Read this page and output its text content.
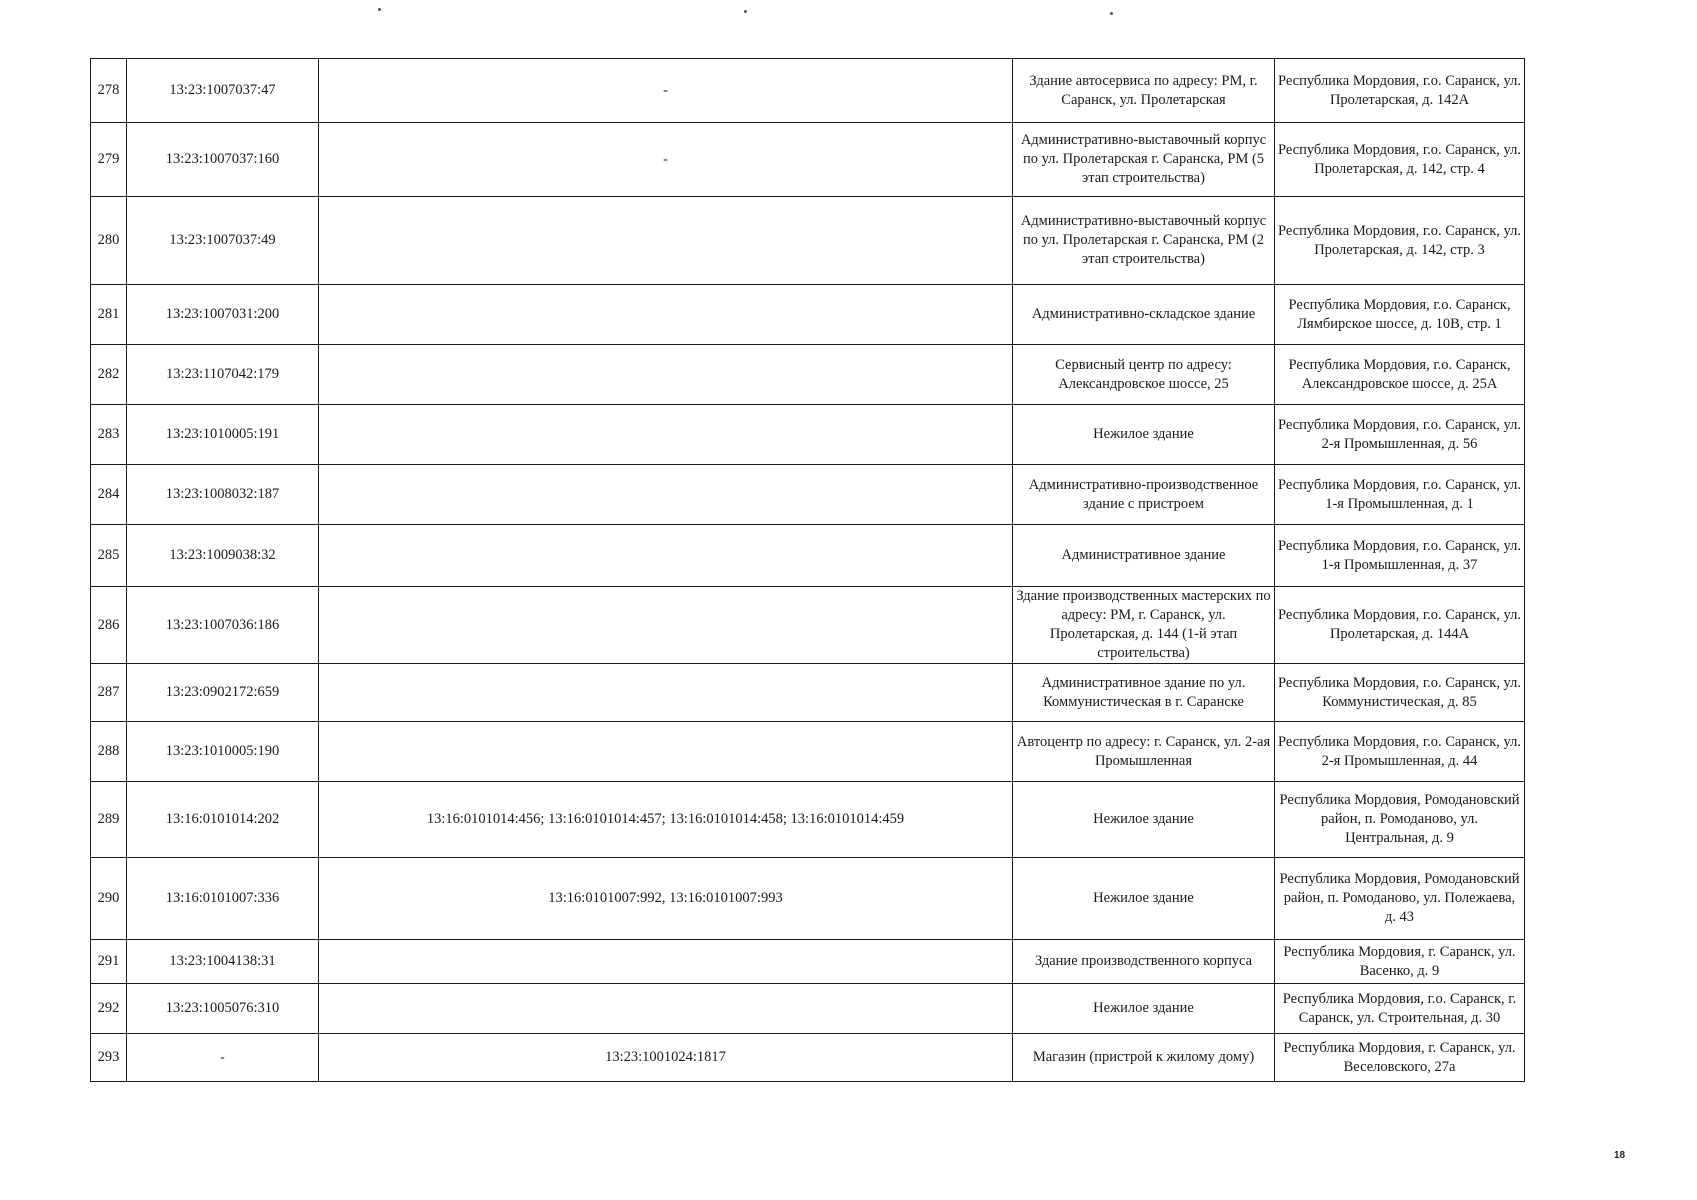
278	13:23:1007037:47	-	Здание автосервиса по адресу: РМ, г. Саранск, ул. Пролетарская	Республика Мордовия, г.о. Саранск, ул. Пролетарская, д. 142А
279	13:23:1007037:160	-	Административно-выставочный корпус по ул. Пролетарская г. Саранска, РМ (5 этап строительства)	Республика Мордовия, г.о. Саранск, ул. Пролетарская, д. 142, стр. 4
280	13:23:1007037:49		Административно-выставочный корпус по ул. Пролетарская г. Саранска, РМ (2 этап строительства)	Республика Мордовия, г.о. Саранск, ул. Пролетарская, д. 142, стр. 3
281	13:23:1007031:200		Административно-складское здание	Республика Мордовия, г.о. Саранск, Лямбирское шоссе, д. 10В, стр. 1
282	13:23:1107042:179		Сервисный центр по адресу: Александровское шоссе, 25	Республика Мордовия, г.о. Саранск, Александровское шоссе, д. 25А
283	13:23:1010005:191		Нежилое здание	Республика Мордовия, г.о. Саранск, ул. 2-я Промышленная, д. 56
284	13:23:1008032:187		Административно-производственное здание с пристроем	Республика Мордовия, г.о. Саранск, ул. 1-я Промышленная, д. 1
285	13:23:1009038:32		Административное здание	Республика Мордовия, г.о. Саранск, ул. 1-я Промышленная, д. 37
286	13:23:1007036:186		Здание производственных мастерских по адресу: РМ, г. Саранск, ул. Пролетарская, д. 144 (1-й этап строительства)	Республика Мордовия, г.о. Саранск, ул. Пролетарская, д. 144А
287	13:23:0902172:659		Административное здание по ул. Коммунистическая в г. Саранске	Республика Мордовия, г.о. Саранск, ул. Коммунистическая, д. 85
288	13:23:1010005:190		Автоцентр по адресу: г. Саранск, ул. 2-ая Промышленная	Республика Мордовия, г.о. Саранск, ул. 2-я Промышленная, д. 44
289	13:16:0101014:202	13:16:0101014:456; 13:16:0101014:457; 13:16:0101014:458; 13:16:0101014:459	Нежилое здание	Республика Мордовия, Ромодановский район, п. Ромоданово, ул. Центральная, д. 9
290	13:16:0101007:336	13:16:0101007:992, 13:16:0101007:993	Нежилое здание	Республика Мордовия, Ромодановский район, п. Ромоданово, ул. Полежаева, д. 43
291	13:23:1004138:31		Здание производственного корпуса	Республика Мордовия, г. Саранск, ул. Васенко, д. 9
292	13:23:1005076:310		Нежилое здание	Республика Мордовия, г.о. Саранск, г. Саранск, ул. Строительная, д. 30
293	-	13:23:1001024:1817	Магазин (пристрой к жилому дому)	Республика Мордовия, г. Саранск, ул. Веселовского, 27а
18
